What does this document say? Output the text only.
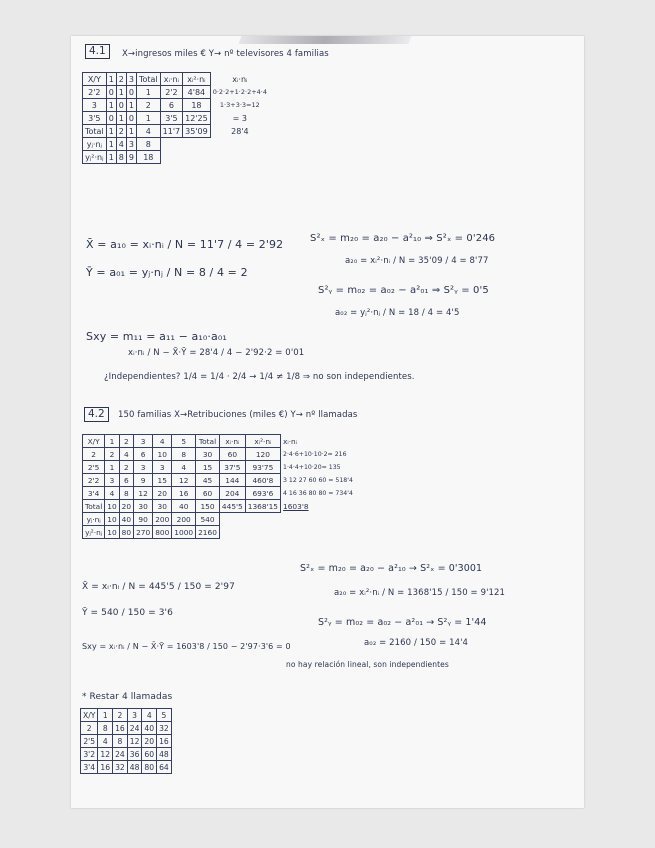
4.1	X→ingresos miles € Y→ nº televisores 4 familias
X/Y	1	2	3	Total	xᵢ·nᵢ	xᵢ²·nᵢ	xᵢ·nᵢ
2'2	0	1	0	1	2'2	4'84	0·2·2+1·2·2+4·4
3	1	0	1	2	6	18	1·3+3·3=12
3'5	0	1	0	1	3'5	12'25	= 3
Total	1	2	1	4	11'7	35'09	28'4
yⱼ·nⱼ	1	4	3	8			
yⱼ²·nⱼ	1	8	9	18			
X̄ = a₁₀ = xᵢ·nᵢ / N = 11'7 / 4 = 2'92
Ȳ = a₀₁ = yⱼ·nⱼ / N = 8 / 4 = 2
S²ₓ = m₂₀ = a₂₀ − a²₁₀ ⇒ S²ₓ = 0'246
a₂₀ = xᵢ²·nᵢ / N = 35'09 / 4 = 8'77
S²ᵧ = m₀₂ = a₀₂ − a²₀₁ ⇒ S²ᵧ = 0'5
a₀₂ = yⱼ²·nⱼ / N = 18 / 4 = 4'5
Sxy = m₁₁ = a₁₁ − a₁₀·a₀₁
xᵢ·nᵢ / N − X̄·Ȳ = 28'4 / 4 − 2'92·2 = 0'01
¿Independientes? 1/4 = 1/4 · 2/4 → 1/4 ≠ 1/8 ⇒ no son independientes.
4.2	150 familias X→Retribuciones (miles €) Y→ nº llamadas
X/Y	1	2	3	4	5	Total	xᵢ·nᵢ	xᵢ²·nᵢ	xᵢ·nᵢ
2	2	4	6	10	8	30	60	120	2·4·6+10·10·2= 216
2'5	1	2	3	3	4	15	37'5	93'75	1·4·4+10·20= 135
2'2	3	6	9	15	12	45	144	460'8	3 12 27 60 60 = 518'4
3'4	4	8	12	20	16	60	204	693'6	4 16 36 80 80 = 734'4
Total	10	20	30	30	40	150	445'5	1368'15	1603'8
yⱼ·nⱼ	10	40	90	200	200	540			
yⱼ²·nⱼ	10	80	270	800	1000	2160			
X̄ = xᵢ·nᵢ / N = 445'5 / 150 = 2'97
Ȳ = 540 / 150 = 3'6
S²ₓ = m₂₀ = a₂₀ − a²₁₀ → S²ₓ = 0'3001
a₂₀ = xᵢ²·nᵢ / N = 1368'15 / 150 = 9'121
Sxy = xᵢ·nᵢ / N − X̄·Ȳ = 1603'8 / 150 − 2'97·3'6 = 0
S²ᵧ = m₀₂ = a₀₂ − a²₀₁ → S²ᵧ = 1'44
a₀₂ = 2160 / 150 = 14'4
no hay relación lineal, son independientes
* Restar 4 llamadas
X/Y	1	2	3	4	5
2	8	16	24	40	32
2'5	4	8	12	20	16
3'2	12	24	36	60	48
3'4	16	32	48	80	64
